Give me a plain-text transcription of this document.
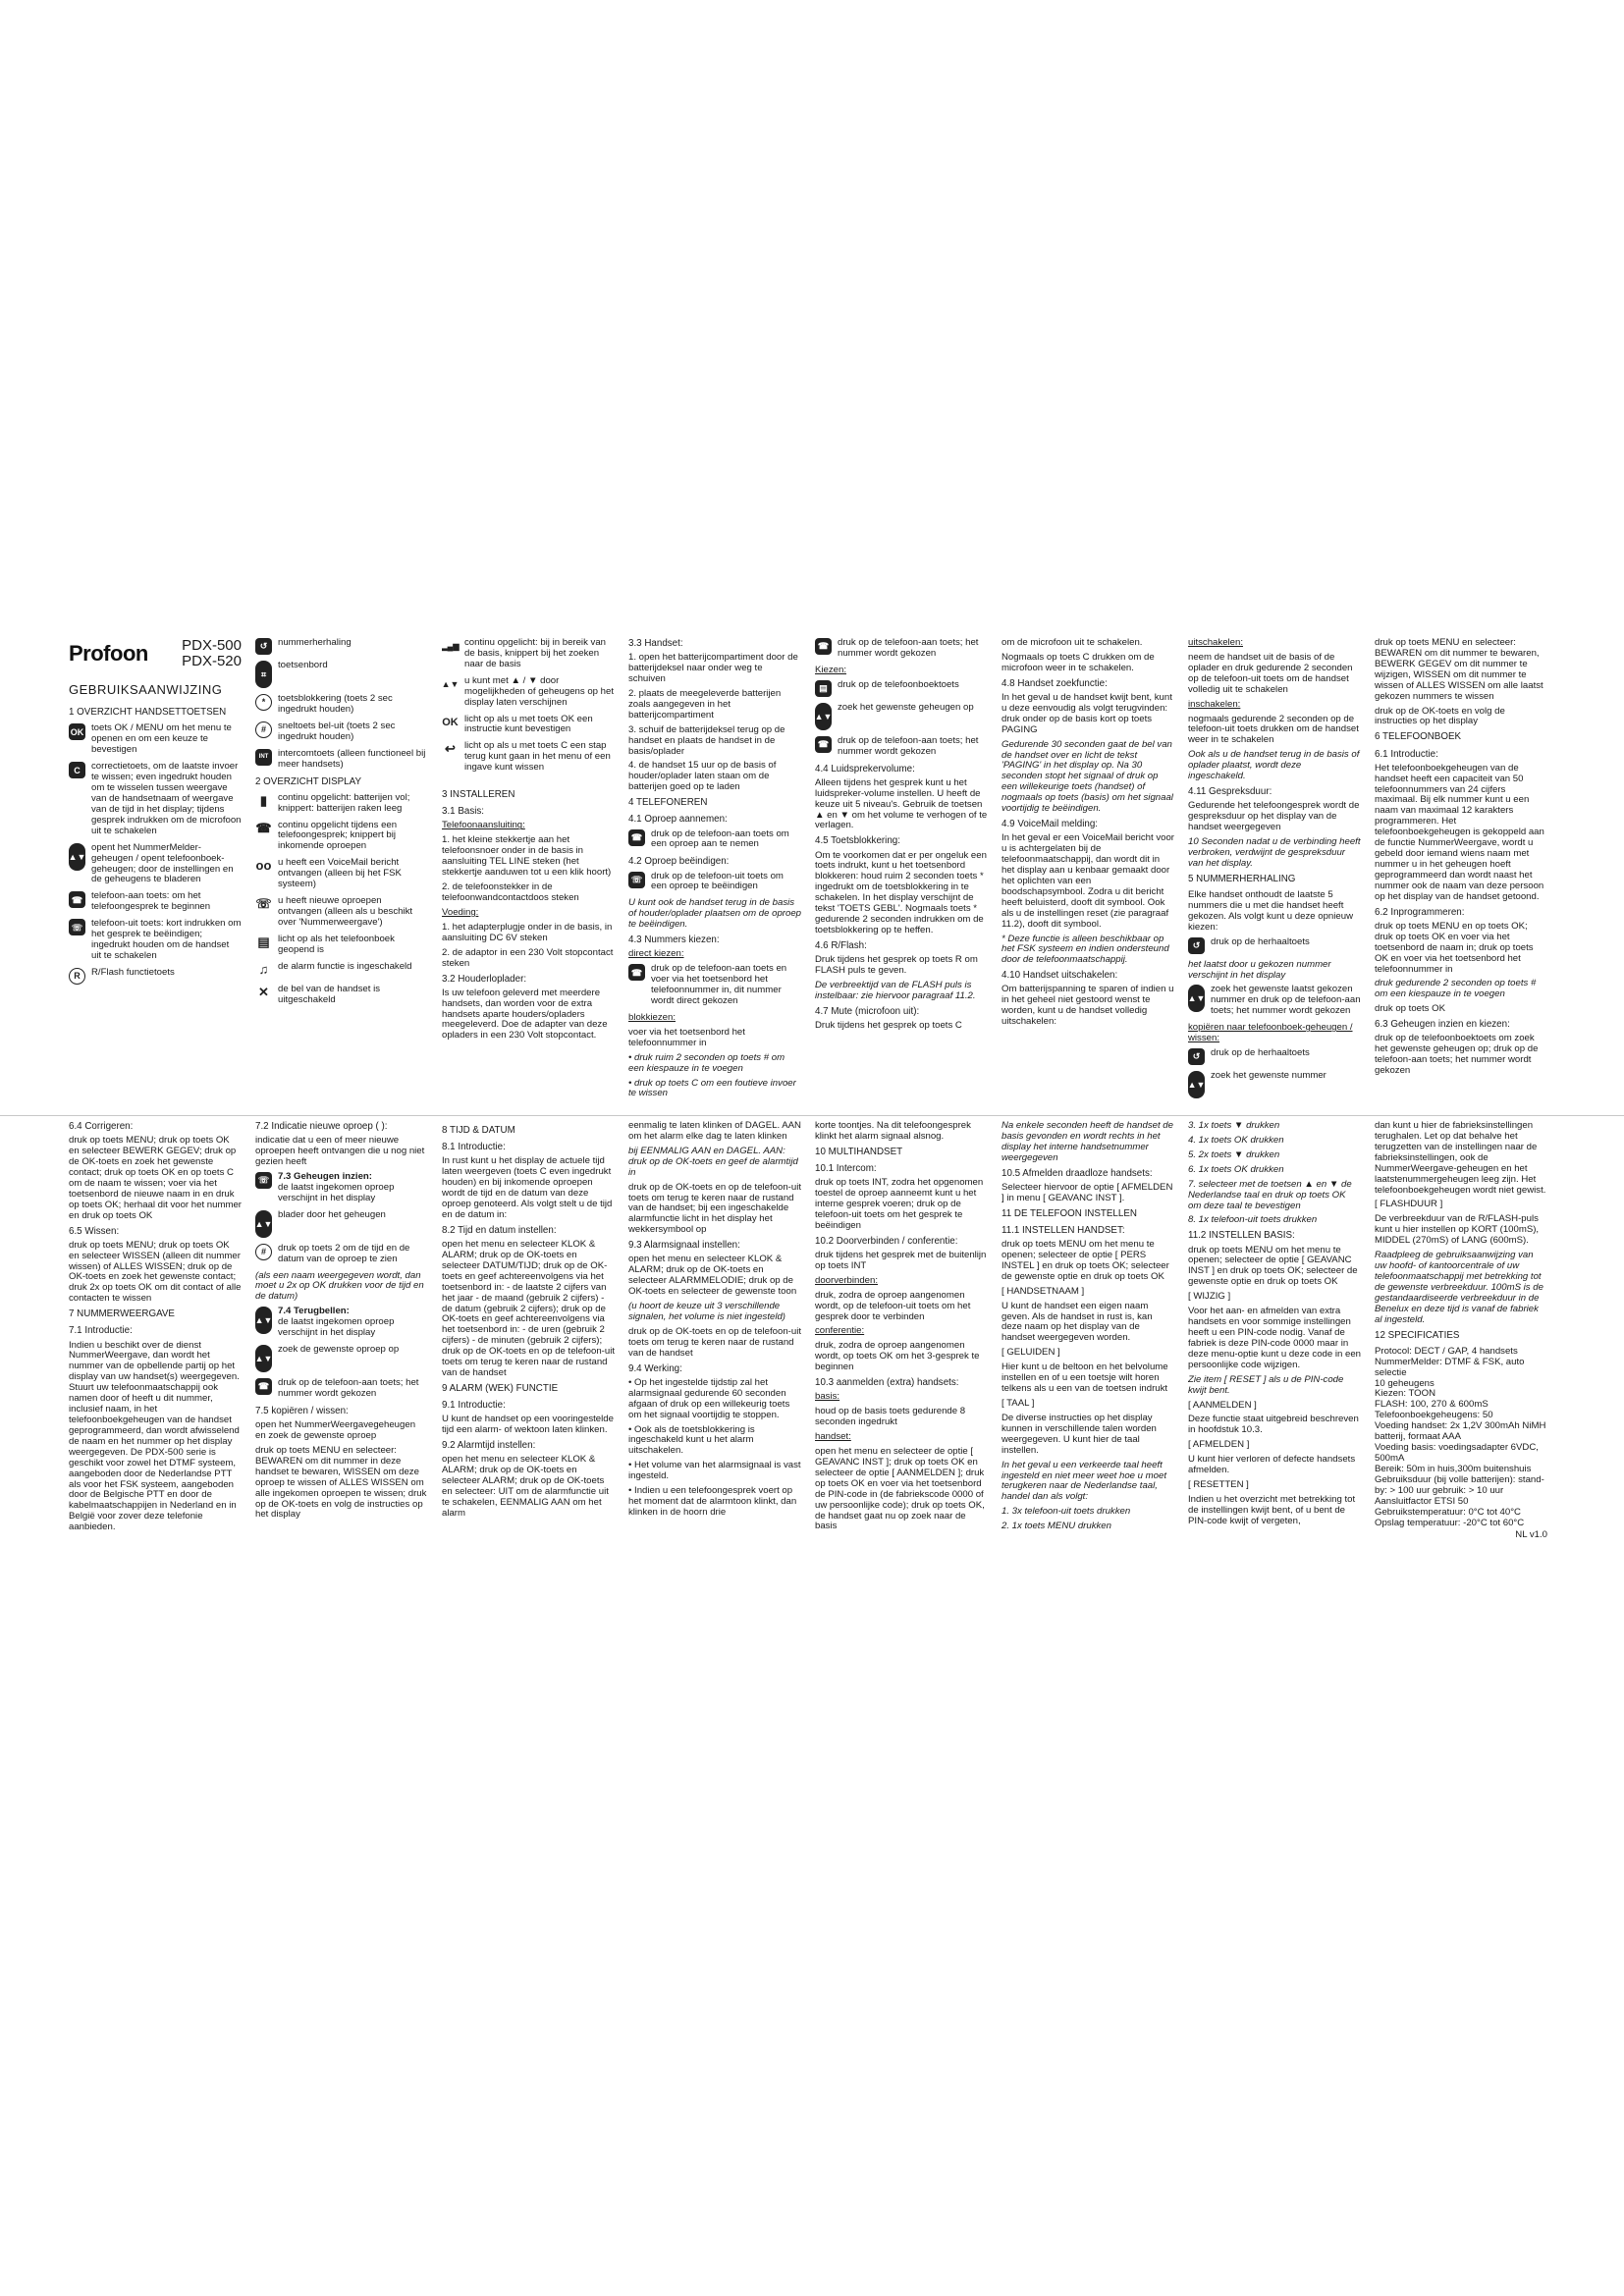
Profoon PDX-500
PDX-520
GEBRUIKSAANWIJZING
1 OVERZICHT HANDSETTOETSEN
OK toets OK / MENU om het menu te openen en om een keuze te bevestigen
C	correctietoets, om de laatste invoer te wissen; even ingedrukt houden om te wisselen tussen weergave van de handsetnaam of weergave van de tijd in het display; tijdens gesprek indrukken om de microfoon uit te schakelen
▲▼
opent het NummerMelder-geheugen / opent telefoonboek-geheugen; door de instellingen en de geheugens te bladeren
☎ telefoon-aan toets: om het telefoongesprek te beginnen
☏ telefoon-uit toets: kort indrukken om het gesprek te beëindigen; ingedrukt houden om de handset uit te schakelen
R	R/Flash functietoets
↺	nummerherhaling
⌗
toetsenbord
*	toetsblokkering (toets 2 sec ingedrukt houden)
#	sneltoets bel-uit (toets 2 sec ingedrukt houden)
INT	intercomtoets (alleen functioneel bij meer handsets)
2 OVERZICHT DISPLAY
▮	continu opgelicht: batterijen vol; knippert: batterijen raken leeg
☎ continu opgelicht tijdens een telefoongesprek; knippert bij inkomende oproepen
oo u heeft een VoiceMail bericht ontvangen (alleen bij het FSK systeem)
☏ u heeft nieuwe oproepen ontvangen (alleen als u beschikt over 'Nummerweergave')
▤ licht op als het telefoonboek geopend is
♫	de alarm functie is ingeschakeld
✕ de bel van de handset is uitgeschakeld
▂▄▆ continu opgelicht: bij in bereik van de basis, knippert bij het zoeken naar de basis
▲▼ u kunt met ▲ / ▼ door mogelijkheden of geheugens op het display laten verschijnen
OK licht op als u met toets OK een instructie kunt bevestigen
↩ licht op als u met toets C een stap terug kunt gaan in het menu of een ingave kunt wissen
3 INSTALLEREN

3.1 Basis:

Telefoonaansluiting:

1. het kleine stekkertje aan het telefoonsnoer onder in de basis in aansluiting TEL LINE steken (het stekkertje aanduwen tot u een klik hoort)

2. de telefoonstekker in de telefoonwandcontactdoos steken

Voeding:

1. het adapterplugje onder in de basis, in aansluiting DC 6V steken

2. de adaptor in een 230 Volt stopcontact steken

3.2 Houderloplader:

Is uw telefoon geleverd met meerdere handsets, dan worden voor de extra handsets aparte houders/opladers meegeleverd. Doe de adapter van deze opladers in een 230 Volt stopcontact.

3.3 Handset:

1. open het batterijcompartiment door de batterijdeksel naar onder weg te schuiven

2. plaats de meegeleverde batterijen zoals aangegeven in het batterijcompartiment

3. schuif de batterijdeksel terug op de handset en plaats de handset in de basis/oplader

4. de handset 15 uur op de basis of houder/oplader laten staan om de batterijen goed op te laden

4 TELEFONEREN

4.1 Oproep aannemen:

☎ druk op de telefoon-aan toets om een oproep aan te nemen

4.2 Oproep beëindigen:

☏ druk op de telefoon-uit toets om een oproep te beëindigen

U kunt ook de handset terug in de basis of houder/oplader plaatsen om de oproep te beëindigen.

4.3 Nummers kiezen:

direct kiezen:

☎ druk op de telefoon-aan toets en voer via het toetsenbord het telefoonnummer in, dit nummer wordt direct gekozen

blokkiezen:

voer via het toetsenbord het telefoonnummer in

• druk ruim 2 seconden op toets # om een kiespauze in te voegen

• druk op toets C om een foutieve invoer te wissen

☎ druk op de telefoon-aan toets; het nummer wordt gekozen

Kiezen:

▤	druk op de telefoonboektoets
▲▼
zoek het gewenste geheugen op
☎ druk op de telefoon-aan toets; het nummer wordt gekozen

4.4 Luidsprekervolume:

Alleen tijdens het gesprek kunt u het luidspreker-volume instellen. U heeft de keuze uit 5 niveau's. Gebruik de toetsen ▲ en ▼ om het volume te verhogen of te verlagen.

4.5 Toetsblokkering:

Om te voorkomen dat er per ongeluk een toets indrukt, kunt u het toetsenbord blokkeren: houd ruim 2 seconden toets * ingedrukt om de toetsblokkering in te schakelen. In het display verschijnt de tekst 'TOETS GEBL'. Nogmaals toets * gedurende 2 seconden indrukken om de toetsblokkering op te heffen.

4.6 R/Flash:

Druk tijdens het gesprek op toets R om FLASH puls te geven.

De verbreektijd van de FLASH puls is instelbaar: zie hiervoor paragraaf 11.2.

4.7 Mute (microfoon uit):

Druk tijdens het gesprek op toets C

om de microfoon uit te schakelen.

Nogmaals op toets C drukken om de microfoon weer in te schakelen.

4.8 Handset zoekfunctie:

In het geval u de handset kwijt bent, kunt u deze eenvoudig als volgt terugvinden: druk onder op de basis kort op toets PAGING

Gedurende 30 seconden gaat de bel van de handset over en licht de tekst 'PAGING' in het display op. Na 30 seconden stopt het signaal of druk op een willekeurige toets (handset) of nogmaals op toets (basis) om het signaal voortijdig te beëindigen.

4.9 VoiceMail melding:

In het geval er een VoiceMail bericht voor u is achtergelaten bij de telefoonmaatschappij, dan wordt dit in het display aan u kenbaar gemaakt door het oplichten van een boodschapsymbool. Zodra u dit bericht heeft beluisterd, dooft dit symbool. Ook als u de instellingen reset (zie paragraaf 11.2), dooft dit symbool.

* Deze functie is alleen beschikbaar op het FSK systeem en indien ondersteund door de telefoonmaatschappij.

4.10 Handset uitschakelen:

Om batterijspanning te sparen of indien u in het geheel niet gestoord wenst te worden, kunt u de handset volledig uitschakelen:

uitschakelen:

neem de handset uit de basis of de oplader en druk gedurende 2 seconden op de telefoon-uit toets om de handset volledig uit te schakelen

inschakelen:

nogmaals gedurende 2 seconden op de telefoon-uit toets drukken om de handset weer in te schakelen

Ook als u de handset terug in de basis of oplader plaatst, wordt deze ingeschakeld.

4.11 Gespreksduur:

Gedurende het telefoongesprek wordt de gespreksduur op het display van de handset weergegeven

10 Seconden nadat u de verbinding heeft verbroken, verdwijnt de gespreksduur van het display.

5 NUMMERHERHALING

Elke handset onthoudt de laatste 5 nummers die u met die handset heeft gekozen. Als volgt kunt u deze opnieuw kiezen:

↺	druk op de herhaaltoets

het laatst door u gekozen nummer verschijnt in het display

▲▼
zoek het gewenste laatst gekozen nummer en druk op de telefoon-aan toets; het nummer wordt gekozen

kopiëren naar telefoonboek-geheugen / wissen:

↺	druk op de herhaaltoets
▲▼
zoek het gewenste nummer

druk op toets MENU en selecteer: BEWAREN om dit nummer te bewaren, BEWERK GEGEV om dit nummer te wijzigen, WISSEN om dit nummer te wissen of ALLES WISSEN om alle laatst gekozen nummers te wissen

druk op de OK-toets en volg de instructies op het display

6 TELEFOONBOEK

6.1 Introductie:

Het telefoonboekgeheugen van de handset heeft een capaciteit van 50 telefoonnummers van 24 cijfers maximaal. Bij elk nummer kunt u een naam van maximaal 12 karakters programmeren. Het telefoonboekgeheugen is gekoppeld aan de functie NummerWeergave, wordt u gebeld door iemand wiens naam met nummer u in het geheugen hoeft geprogrammeerd dan wordt naast het nummer ook de naam van deze persoon op het display van de handset getoond.

6.2 Inprogrammeren:

druk op toets MENU en op toets OK; druk op toets OK en voer via het toetsenbord de naam in; druk op toets OK en voer via het toetsenbord het telefoonnummer in

druk gedurende 2 seconden op toets # om een kiespauze in te voegen

druk op toets OK

6.3 Geheugen inzien en kiezen:

druk op de telefoonboektoets om zoek het gewenste geheugen op; druk op de telefoon-aan toets; het nummer wordt gekozen

6.4 Corrigeren:

druk op toets MENU; druk op toets OK en selecteer BEWERK GEGEV; druk op de OK-toets en zoek het gewenste contact; druk op toets OK en op toets C om de naam te wissen; voer via het toetsenbord de nieuwe naam in en druk op toets OK; herhaal dit voor het nummer en druk op toets OK

6.5 Wissen:

druk op toets MENU; druk op toets OK en selecteer WISSEN (alleen dit nummer wissen) of ALLES WISSEN; druk op de OK-toets en zoek het gewenste contact; druk 2x op toets OK om dit contact of alle contacten te wissen

7 NUMMERWEERGAVE

7.1 Introductie:

Indien u beschikt over de dienst NummerWeergave, dan wordt het nummer van de opbellende partij op het display van uw handset(s) weergegeven. Stuurt uw telefoonmaatschappij ook namen door of heeft u dit nummer, inclusief naam, in het telefoonboekgeheugen van de handset geprogrammeerd, dan wordt afwisselend de naam en het nummer op het display weergegeven. De PDX-500 serie is geschikt voor zowel het DTMF systeem, aangeboden door de Nederlandse PTT als voor het FSK systeem, aangeboden door de Belgische PTT en door de kabelmaatschappijen in Nederland en in België voor zover deze telefonie aanbieden.

7.2 Indicatie nieuwe oproep ( ):

indicatie dat u een of meer nieuwe oproepen heeft ontvangen die u nog niet gezien heeft

☏ 7.3 Geheugen inzien:
de laatst ingekomen oproep verschijnt in het display
▲▼
blader door het geheugen
#	druk op toets 2 om de tijd en de datum van de oproep te zien

(als een naam weergegeven wordt, dan moet u 2x op OK drukken voor de tijd en de datum)

▲▼
7.4 Terugbellen:
de laatst ingekomen oproep verschijnt in het display
▲▼
zoek de gewenste oproep op
☎ druk op de telefoon-aan toets; het nummer wordt gekozen

7.5 kopiëren / wissen:

open het NummerWeergavegeheugen en zoek de gewenste oproep

druk op toets MENU en selecteer: BEWAREN om dit nummer in deze handset te bewaren, WISSEN om deze oproep te wissen of ALLES WISSEN om alle ingekomen oproepen te wissen; druk op de OK-toets en volg de instructies op het display

8 TIJD & DATUM

8.1 Introductie:

In rust kunt u het display de actuele tijd laten weergeven (toets C even ingedrukt houden) en bij inkomende oproepen wordt de tijd en de datum van deze oproep genoteerd. Als volgt stelt u de tijd en de datum in:

8.2 Tijd en datum instellen:

open het menu en selecteer KLOK & ALARM; druk op de OK-toets en selecteer DATUM/TIJD; druk op de OK-toets en geef achtereenvolgens via het toetsenbord in: - de laatste 2 cijfers van het jaar - de maand (gebruik 2 cijfers) - de datum (gebruik 2 cijfers); druk op de OK-toets en geef achtereenvolgens via het toetsenbord in: - de uren (gebruik 2 cijfers) - de minuten (gebruik 2 cijfers); druk op de OK-toets en op de telefoon-uit toets om terug te keren naar de rustand van de handset

9 ALARM (WEK) FUNCTIE

9.1 Introductie:

U kunt de handset op een vooringestelde tijd een alarm- of wektoon laten klinken.

9.2 Alarmtijd instellen:

open het menu en selecteer KLOK & ALARM; druk op de OK-toets en selecteer ALARM; druk op de OK-toets en selecteer: UIT om de alarmfunctie uit te schakelen, EENMALIG AAN om het alarm

eenmalig te laten klinken of DAGEL. AAN om het alarm elke dag te laten klinken

bij EENMALIG AAN en DAGEL. AAN: druk op de OK-toets en geef de alarmtijd in

druk op de OK-toets en op de telefoon-uit toets om terug te keren naar de rustand van de handset; bij een ingeschakelde alarmfunctie licht in het display het wekkersymbool op

9.3 Alarmsignaal instellen:

open het menu en selecteer KLOK & ALARM; druk op de OK-toets en selecteer ALARMMELODIE; druk op de OK-toets en selecteer de gewenste toon

(u hoort de keuze uit 3 verschillende signalen, het volume is niet ingesteld)

druk op de OK-toets en op de telefoon-uit toets om terug te keren naar de rustand van de handset

9.4 Werking:

• Op het ingestelde tijdstip zal het alarmsignaal gedurende 60 seconden afgaan of druk op een willekeurig toets om het signaal voortijdig te stoppen.

• Ook als de toetsblokkering is ingeschakeld kunt u het alarm uitschakelen.

• Het volume van het alarmsignaal is vast ingesteld.

• Indien u een telefoongesprek voert op het moment dat de alarmtoon klinkt, dan klinken in de hoorn drie

korte toontjes. Na dit telefoongesprek klinkt het alarm signaal alsnog.

10 MULTIHANDSET

10.1 Intercom:

druk op toets INT, zodra het opgenomen toestel de oproep aanneemt kunt u het interne gesprek voeren; druk op de telefoon-uit toets om het gesprek te beëindigen

10.2 Doorverbinden / conferentie:

druk tijdens het gesprek met de buitenlijn op toets INT

doorverbinden:

druk, zodra de oproep aangenomen wordt, op de telefoon-uit toets om het gesprek door te verbinden

conferentie:

druk, zodra de oproep aangenomen wordt, op toets OK om het 3-gesprek te beginnen

10.3 aanmelden (extra) handsets:

basis:

houd op de basis toets gedurende 8 seconden ingedrukt

handset:

open het menu en selecteer de optie [ GEAVANC INST ]; druk op toets OK en selecteer de optie [ AANMELDEN ]; druk op toets OK en voer via het toetsenbord de PIN-code in (de fabriekscode 0000 of uw persoonlijke code); druk op toets OK, de handset gaat nu op zoek naar de basis

Na enkele seconden heeft de handset de basis gevonden en wordt rechts in het display het interne handsetnummer weergegeven

10.5 Afmelden draadloze handsets:

Selecteer hiervoor de optie [ AFMELDEN ] in menu [ GEAVANC INST ].

11 DE TELEFOON INSTELLEN

11.1 INSTELLEN HANDSET:

druk op toets MENU om het menu te openen; selecteer de optie [ PERS INSTEL ] en druk op toets OK; selecteer de gewenste optie en druk op toets OK

[ HANDSETNAAM ]

U kunt de handset een eigen naam geven. Als de handset in rust is, kan deze naam op het display van de handset weergegeven worden.

[ GELUIDEN ]

Hier kunt u de beltoon en het belvolume instellen en of u een toetsje wilt horen telkens als u een van de toetsen indrukt

[ TAAL ]

De diverse instructies op het display kunnen in verschillende talen worden weergegeven. U kunt hier de taal instellen.

In het geval u een verkeerde taal heeft ingesteld en niet meer weet hoe u moet terugkeren naar de Nederlandse taal, handel dan als volgt:

1. 3x telefoon-uit toets drukken

2. 1x toets MENU drukken

3. 1x toets ▼ drukken

4. 1x toets OK drukken

5. 2x toets ▼ drukken

6. 1x toets OK drukken

7. selecteer met de toetsen ▲ en ▼ de Nederlandse taal en druk op toets OK om deze taal te bevestigen

8. 1x telefoon-uit toets drukken

11.2 INSTELLEN BASIS:

druk op toets MENU om het menu te openen; selecteer de optie [ GEAVANC INST ] en druk op toets OK; selecteer de gewenste optie en druk op toets OK

[ WIJZIG ]

Voor het aan- en afmelden van extra handsets en voor sommige instellingen heeft u een PIN-code nodig. Vanaf de fabriek is deze PIN-code 0000 maar in deze menu-optie kunt u deze code in een persoonlijke code wijzigen.

Zie item [ RESET ] als u de PIN-code kwijt bent.

[ AANMELDEN ]

Deze functie staat uitgebreid beschreven in hoofdstuk 10.3.

[ AFMELDEN ]

U kunt hier verloren of defecte handsets afmelden.

[ RESETTEN ]

Indien u het overzicht met betrekking tot de instellingen kwijt bent, of u bent de PIN-code kwijt of vergeten,

dan kunt u hier de fabrieksinstellingen terughalen. Let op dat behalve het terugzetten van de instellingen naar de fabrieksinstellingen, ook de NummerWeergave-geheugen en het laatstenummergeheugen leeg zijn. Het telefoonboekgeheugen wordt niet gewist.

[ FLASHDUUR ]

De verbreekduur van de R/FLASH-puls kunt u hier instellen op KORT (100mS), MIDDEL (270mS) of LANG (600mS).

Raadpleeg de gebruiksaanwijzing van uw hoofd- of kantoorcentrale of uw telefoonmaatschappij met betrekking tot de gewenste verbreekduur. 100mS is de gestandaardiseerde verbreekduur in de Benelux en deze tijd is vanaf de fabriek al ingesteld.

12 SPECIFICATIES

Protocol: DECT / GAP, 4 handsets

NummerMelder: DTMF & FSK, auto selectie

10 geheugens

Kiezen: TOON

FLASH: 100, 270 & 600mS

Telefoonboekgeheugens: 50

Voeding handset: 2x 1,2V 300mAh NiMH batterij, formaat AAA

Voeding basis: voedingsadapter 6VDC, 500mA

Bereik: 50m in huis,300m buitenshuis

Gebruiksduur (bij volle batterijen): stand-by: > 100 uur gebruik: > 10 uur

Aansluitfactor ETSI 50

Gebruikstemperatuur: 0°C tot 40°C

Opslag temperatuur: -20°C tot 60°C

NL v1.0
